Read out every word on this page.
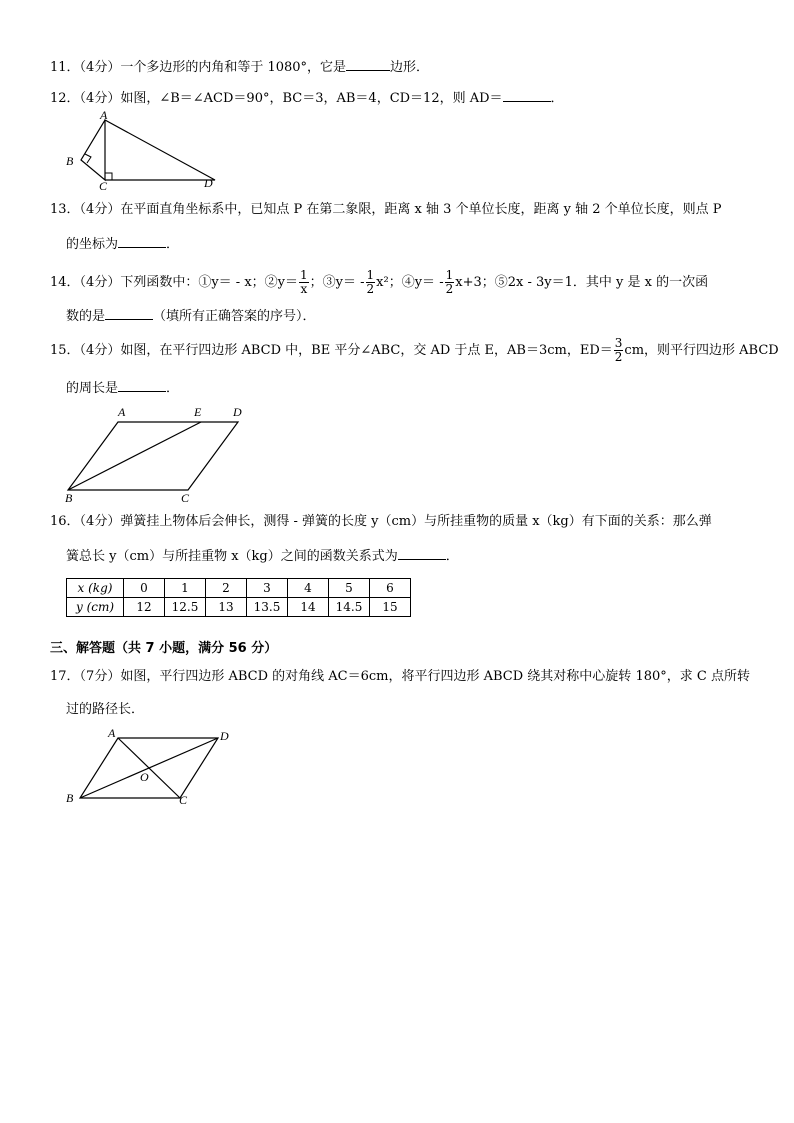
11．（4分）一个多边形的内角和等于 1080°，它是	边形．
12．（4分）如图，∠B＝∠ACD＝90°，BC＝3，AB＝4，CD＝12，则 AD＝	．
A
B
C	D
13．（4分）在平面直角坐标系中，已知点 P 在第二象限，距离 x 轴 3 个单位长度，距离 y 轴 2 个单位长度，则点 P
的坐标为	．
14．（4分）下列函数中：①y＝ - x；②y＝ $\frac{1}{x}$ ；③y＝ - $\frac{1}{2} x^2$；④y＝ - $\frac{1}{2} x+3$；⑤2x - 3y＝1．其中 y 是 x 的一次函
数的是	（填所有正确答案的序号）．
15．（4分）如图，在平行四边形 ABCD 中，BE 平分∠ABC，交 AD 于点 E，AB＝3cm，$ED= \frac{3}{2}$ cm，则平行四边形 ABCD
的周长是	．
A	E	D
B	C
16．（4分）弹簧挂上物体后会伸长，测得 - 弹簧的长度 y（cm）与所挂重物的质量 x（kg）有下面的关系：那么弹
簧总长 y（cm）与所挂重物 x（kg）之间的函数关系式为	．
x (kg)	0	1	2	3	4	5	6
y (cm)	12	12.5	13	13.5	14	14.5	15
三、解答题（共 7 小题，满分 56 分）
17．（7分）如图，平行四边形 ABCD 的对角线 AC＝6cm，将平行四边形 ABCD 绕其对称中心旋转 180°，求 C 点所转
过的路径长．
A	D
O
B	C
